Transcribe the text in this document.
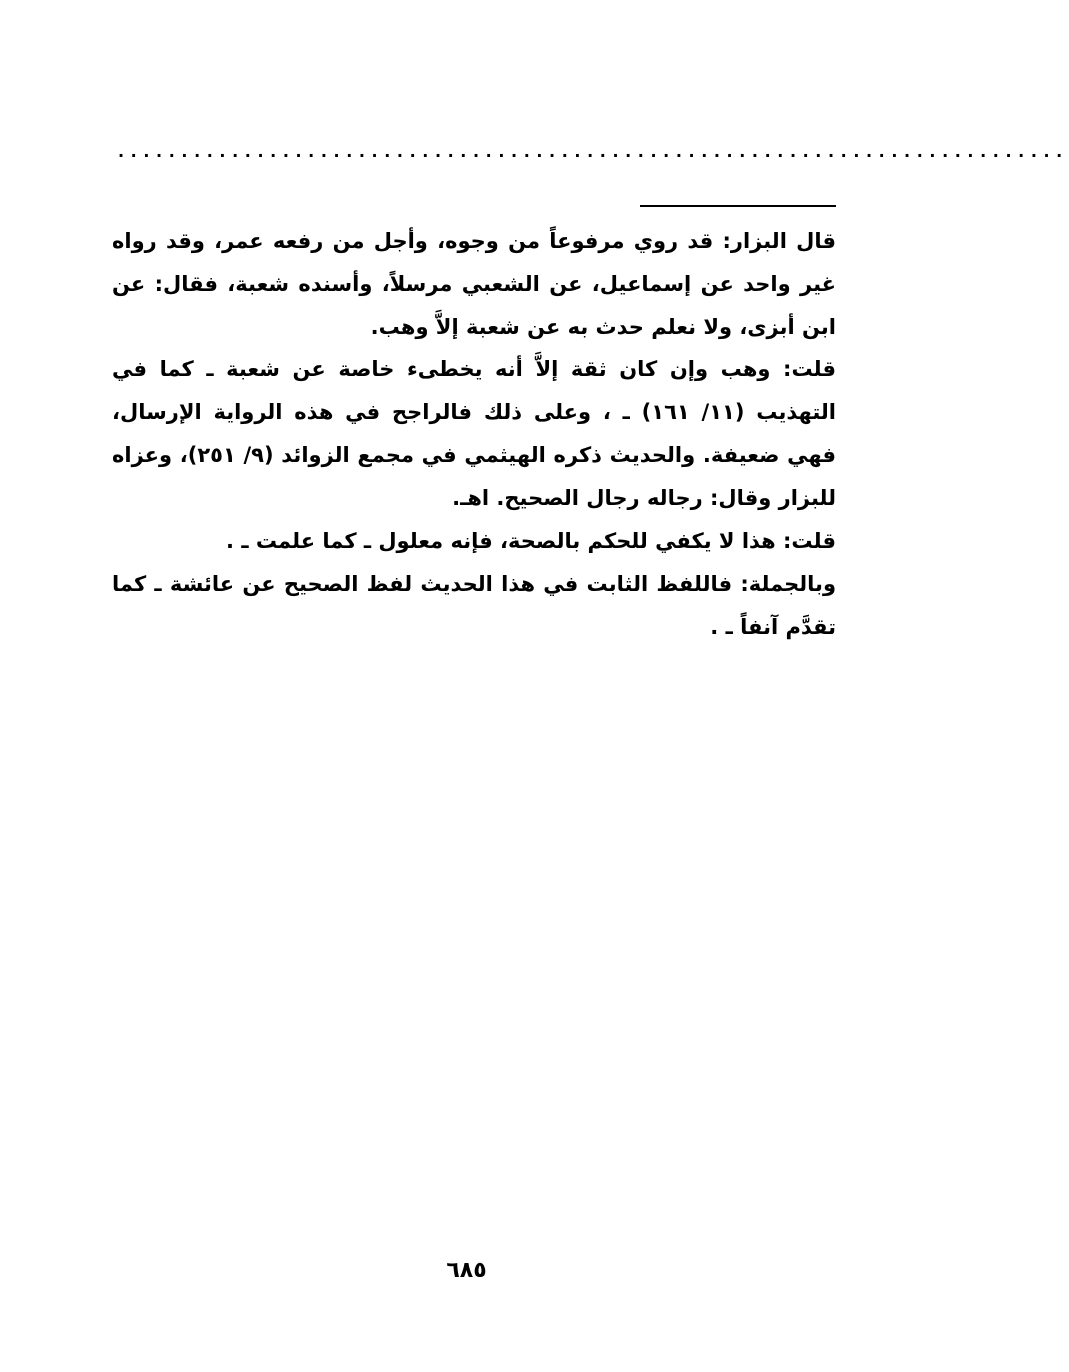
...........................................................................

قال البزار: قد روي مرفوعاً من وجوه، وأجل من رفعه عمر، وقد رواه غير واحد عن إسماعيل، عن الشعبي مرسلاً، وأسنده شعبة، فقال: عن ابن أبزى، ولا نعلم حدث به عن شعبة إلاَّ وهب.

قلت: وهب وإن كان ثقة إلاَّ أنه يخطىء خاصة عن شعبة ـ كما في التهذيب (١١/ ١٦١) ـ ، وعلى ذلك فالراجح في هذه الرواية الإرسال، فهي ضعيفة. والحديث ذكره الهيثمي في مجمع الزوائد (٩/ ٢٥١)، وعزاه للبزار وقال: رجاله رجال الصحيح. اهـ.

قلت: هذا لا يكفي للحكم بالصحة، فإنه معلول ـ كما علمت ـ .

وبالجملة: فاللفظ الثابت في هذا الحديث لفظ الصحيح عن عائشة ـ كما تقدَّم آنفاً ـ .

٦٨٥
